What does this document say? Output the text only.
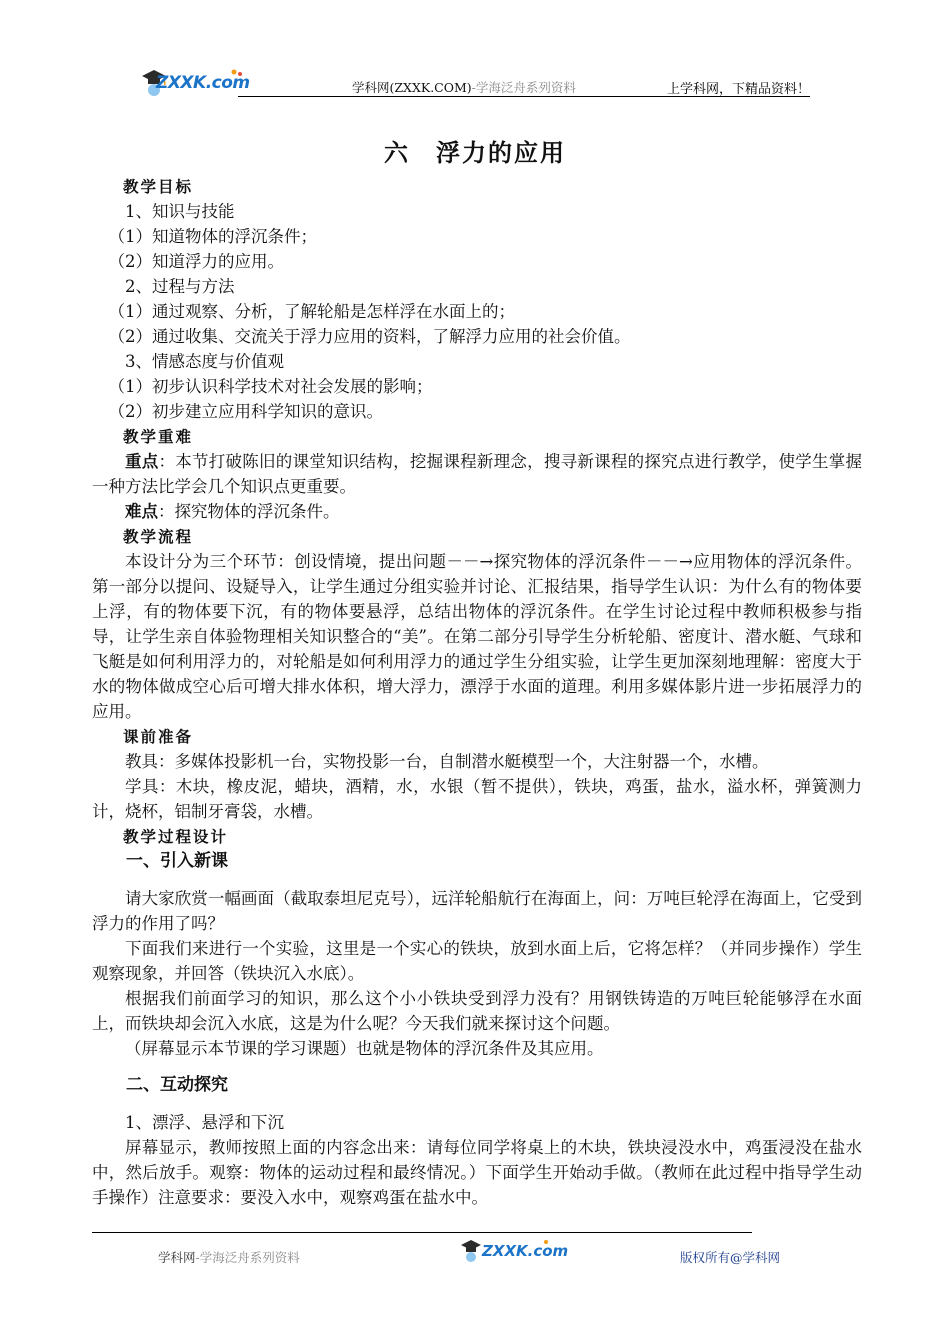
ZXXK.com	学科网(ZXXK.COM)-学海泛舟系列资料	上学科网，下精品资料！
六　浮力的应用
教学目标
1、知识与技能
（1）知道物体的浮沉条件；
（2）知道浮力的应用。
2、过程与方法
（1）通过观察、分析，了解轮船是怎样浮在水面上的；
（2）通过收集、交流关于浮力应用的资料，了解浮力应用的社会价值。
3、情感态度与价值观
（1）初步认识科学技术对社会发展的影响；
（2）初步建立应用科学知识的意识。
教学重难
重点：本节打破陈旧的课堂知识结构，挖掘课程新理念，搜寻新课程的探究点进行教学，使学生掌握一种方法比学会几个知识点更重要。
难点：探究物体的浮沉条件。
教学流程
本设计分为三个环节：创设情境，提出问题－－→探究物体的浮沉条件－－→应用物体的浮沉条件。第一部分以提问、设疑导入，让学生通过分组实验并讨论、汇报结果，指导学生认识：为什么有的物体要上浮，有的物体要下沉，有的物体要悬浮，总结出物体的浮沉条件。在学生讨论过程中教师积极参与指导，让学生亲自体验物理相关知识整合的“美”。在第二部分引导学生分析轮船、密度计、潜水艇、气球和飞艇是如何利用浮力的，对轮船是如何利用浮力的通过学生分组实验，让学生更加深刻地理解：密度大于水的物体做成空心后可增大排水体积，增大浮力，漂浮于水面的道理。利用多媒体影片进一步拓展浮力的应用。
课前准备
教具：多媒体投影机一台，实物投影一台，自制潜水艇模型一个，大注射器一个，水槽。
学具：木块，橡皮泥，蜡块，酒精，水，水银（暂不提供），铁块，鸡蛋，盐水，溢水杯，弹簧测力计，烧杯，铝制牙膏袋，水槽。
教学过程设计
一、引入新课
请大家欣赏一幅画面（截取泰坦尼克号），远洋轮船航行在海面上，问：万吨巨轮浮在海面上，它受到浮力的作用了吗？
下面我们来进行一个实验，这里是一个实心的铁块，放到水面上后，它将怎样？（并同步操作）学生观察现象，并回答（铁块沉入水底）。
根据我们前面学习的知识，那么这个小小铁块受到浮力没有？用钢铁铸造的万吨巨轮能够浮在水面上，而铁块却会沉入水底，这是为什么呢？今天我们就来探讨这个问题。
（屏幕显示本节课的学习课题）也就是物体的浮沉条件及其应用。
二、互动探究
1、漂浮、悬浮和下沉
屏幕显示，教师按照上面的内容念出来：请每位同学将桌上的木块，铁块浸没水中，鸡蛋浸没在盐水中，然后放手。观察：物体的运动过程和最终情况。）下面学生开始动手做。（教师在此过程中指导学生动手操作）注意要求：要没入水中，观察鸡蛋在盐水中。
学科网-学海泛舟系列资料	ZXXK.com	版权所有@学科网
